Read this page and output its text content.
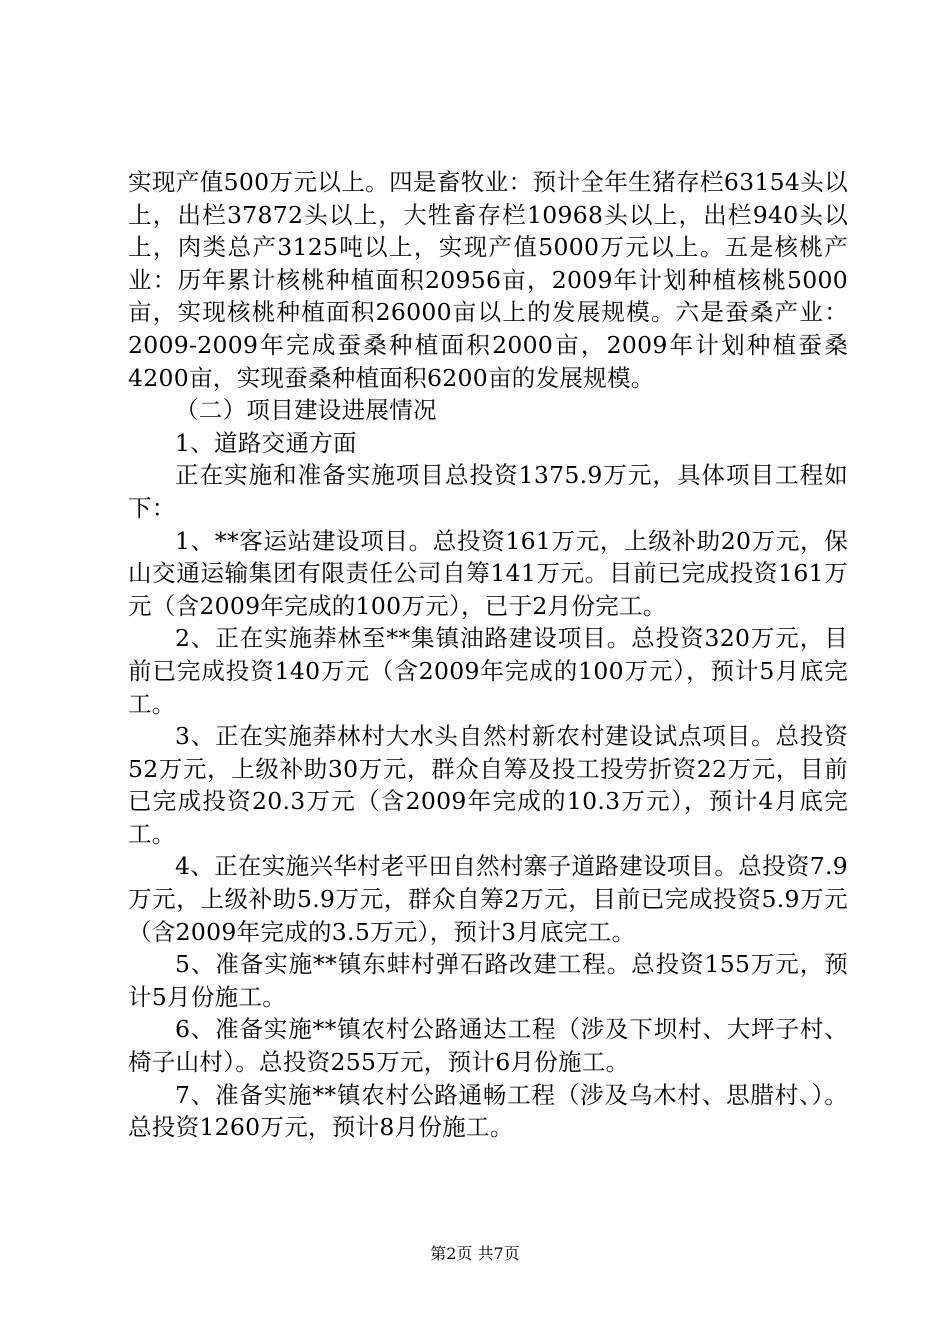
实现产值500万元以上。四是畜牧业：预计全年生猪存栏63154头以上，出栏37872头以上，大牲畜存栏10968头以上，出栏940头以上，肉类总产3125吨以上，实现产值5000万元以上。五是核桃产业：历年累计核桃种植面积20956亩，2009年计划种植核桃5000亩，实现核桃种植面积26000亩以上的发展规模。六是蚕桑产业：2009-2009年完成蚕桑种植面积2000亩，2009年计划种植蚕桑4200亩，实现蚕桑种植面积6200亩的发展规模。

（二）项目建设进展情况

1、道路交通方面

正在实施和准备实施项目总投资1375.9万元，具体项目工程如下：

1、**客运站建设项目。总投资161万元，上级补助20万元，保山交通运输集团有限责任公司自筹141万元。目前已完成投资161万元（含2009年完成的100万元），已于2月份完工。

2、正在实施莽林至**集镇油路建设项目。总投资320万元，目前已完成投资140万元（含2009年完成的100万元），预计5月底完工。

3、正在实施莽林村大水头自然村新农村建设试点项目。总投资52万元，上级补助30万元，群众自筹及投工投劳折资22万元，目前已完成投资20.3万元（含2009年完成的10.3万元），预计4月底完工。

4、正在实施兴华村老平田自然村寨子道路建设项目。总投资7.9万元，上级补助5.9万元，群众自筹2万元，目前已完成投资5.9万元（含2009年完成的3.5万元），预计3月底完工。

5、准备实施**镇东蚌村弹石路改建工程。总投资155万元，预计5月份施工。

6、准备实施**镇农村公路通达工程（涉及下坝村、大坪子村、椅子山村）。总投资255万元，预计6月份施工。

7、准备实施**镇农村公路通畅工程（涉及乌木村、思腊村、）。总投资1260万元，预计8月份施工。

第2页 共7页
